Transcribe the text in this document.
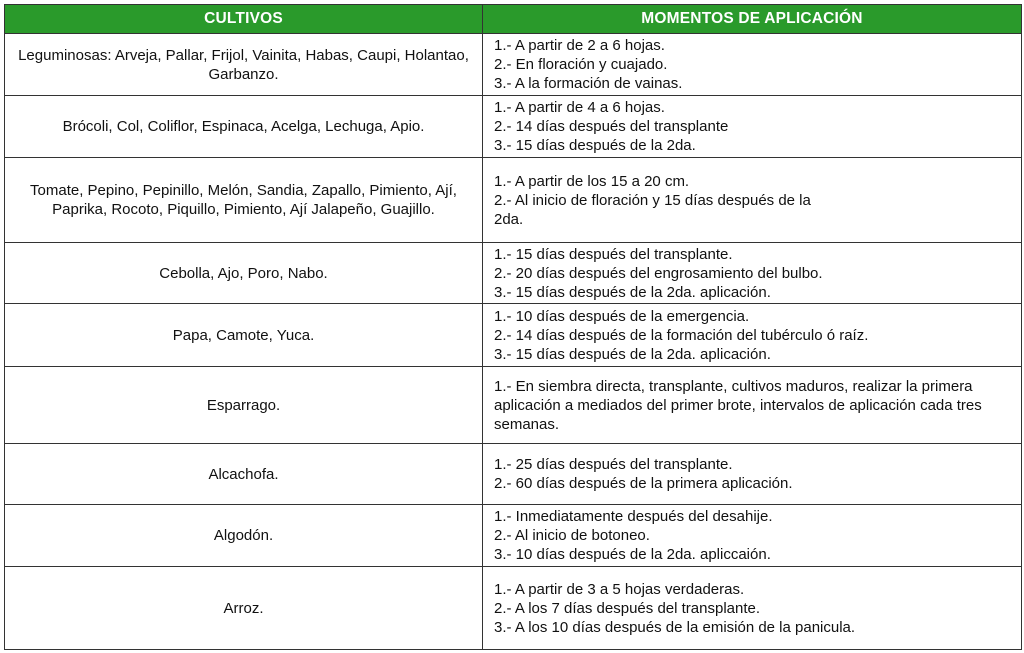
CULTIVOS	MOMENTOS DE APLICACIÓN
Leguminosas: Arveja, Pallar, Frijol, Vainita, Habas, Caupi, Holantao, Garbanzo.	1.- A partir de 2 a 6 hojas.
2.- En floración y cuajado.
3.- A la formación de vainas.

Brócoli, Col, Coliflor, Espinaca, Acelga, Lechuga, Apio.	1.- A partir de 4 a 6 hojas.
2.- 14 días después del transplante
3.- 15 días después de la 2da.

Tomate, Pepino, Pepinillo, Melón, Sandia, Zapallo, Pimiento, Ají, Paprika, Rocoto, Piquillo, Pimiento, Ají Jalapeño, Guajillo.	1.- A partir de los 15 a 20 cm.
2.- Al inicio de floración y 15 días después de la 2da.

Cebolla, Ajo, Poro, Nabo.	1.- 15 días después del transplante.
2.- 20 días después del engrosamiento del bulbo.
3.- 15 días después de la 2da. aplicación.

Papa, Camote, Yuca.	1.- 10 días después de la emergencia.
2.- 14 días después de la formación del tubérculo ó raíz.
3.- 15 días después de la 2da. aplicación.

Esparrago.	1.- En siembra directa, transplante, cultivos maduros, realizar la primera aplicación a mediados del primer brote, intervalos de aplicación cada tres semanas.

Alcachofa.	1.- 25 días después del transplante.
2.- 60 días después de la primera aplicación.

Algodón.	1.- Inmediatamente después del desahije.
2.- Al inicio de botoneo.
3.- 10 días después de la 2da. apliccaión.

Arroz.	1.- A partir de 3 a 5 hojas verdaderas.
2.- A los 7 días después del transplante.
3.- A los 10 días después de la emisión de la panicula.
